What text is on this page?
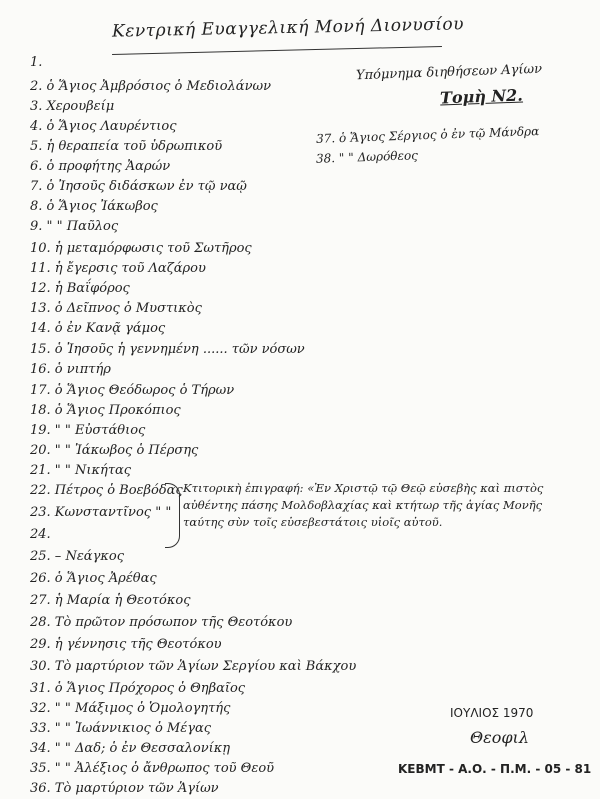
Κεντρική Ευαγγελική Μονή Διονυσίου
Υπόμνημα διηθήσεων Αγίων
Τομὴ Ν2.
37. ὁ Ἅγιος Σέργιος ὁ ἐν τῷ Μάνδρα
38. " " Δωρόθεος
1.
2. ὁ Ἅγιος Ἀμβρόσιος ὁ Μεδιολάνων
3. Χερουβείμ
4. ὁ Ἅγιος Λαυρέντιος
5. ἡ θεραπεία τοῦ ὑδρωπικοῦ
6. ὁ προφήτης Ἀαρών
7. ὁ Ἰησοῦς διδάσκων ἐν τῷ ναῷ
8. ὁ Ἅγιος Ἰάκωβος
9. " " Παῦλος
10. ἡ μεταμόρφωσις τοῦ Σωτῆρος
11. ἡ ἔγερσις τοῦ Λαζάρου
12. ἡ Βαΐφόρος
13. ὁ Δεῖπνος ὁ Μυστικὸς
14. ὁ ἐν Κανᾷ γάμος
15. ὁ Ἰησοῦς ἡ γεννημένη ...... τῶν νόσων
16. ὁ νιπτήρ
17. ὁ Ἅγιος Θεόδωρος ὁ Τήρων
18. ὁ Ἅγιος Προκόπιος
19. " " Εὐστάθιος
20. " " Ἰάκωβος ὁ Πέρσης
21. " " Νικήτας
22. Πέτρος ὁ Βοεβόδας
23. Κωνσταντῖνος " "
24.
25. – Νεάγκος
26. ὁ Ἅγιος Ἀρέθας
27. ἡ Μαρία ἡ Θεοτόκος
28. Τὸ πρῶτον πρόσωπον τῆς Θεοτόκου
29. ἡ γέννησις τῆς Θεοτόκου
30. Τὸ μαρτύριον τῶν Ἁγίων Σεργίου καὶ Βάκχου
31. ὁ Ἅγιος Πρόχορος ὁ Θηβαῖος
32. " " Μάξιμος ὁ Ὁμολογητής
33. " " Ἰωάννικιος ὁ Μέγας
34. " " Δαδ; ὁ ἐν Θεσσαλονίκῃ
35. " " Ἀλέξιος ὁ ἄνθρωπος τοῦ Θεοῦ
36. Τὸ μαρτύριον τῶν Ἁγίων
Κτιτορικὴ ἐπιγραφή: «Ἐν Χριστῷ τῷ Θεῷ εὐσεβὴς καὶ πιστὸς αὐθέντης πάσης Μολδοβλαχίας καὶ κτήτωρ τῆς ἁγίας Μονῆς ταύτης σὺν τοῖς εὐσεβεστάτοις υἱοῖς αὐτοῦ.
ΙΟΥΛΙΟΣ 1970
Θεοφιλ
ΚΕΒΜΤ - Α.Ο. - Π.Μ. - 05 - 81
